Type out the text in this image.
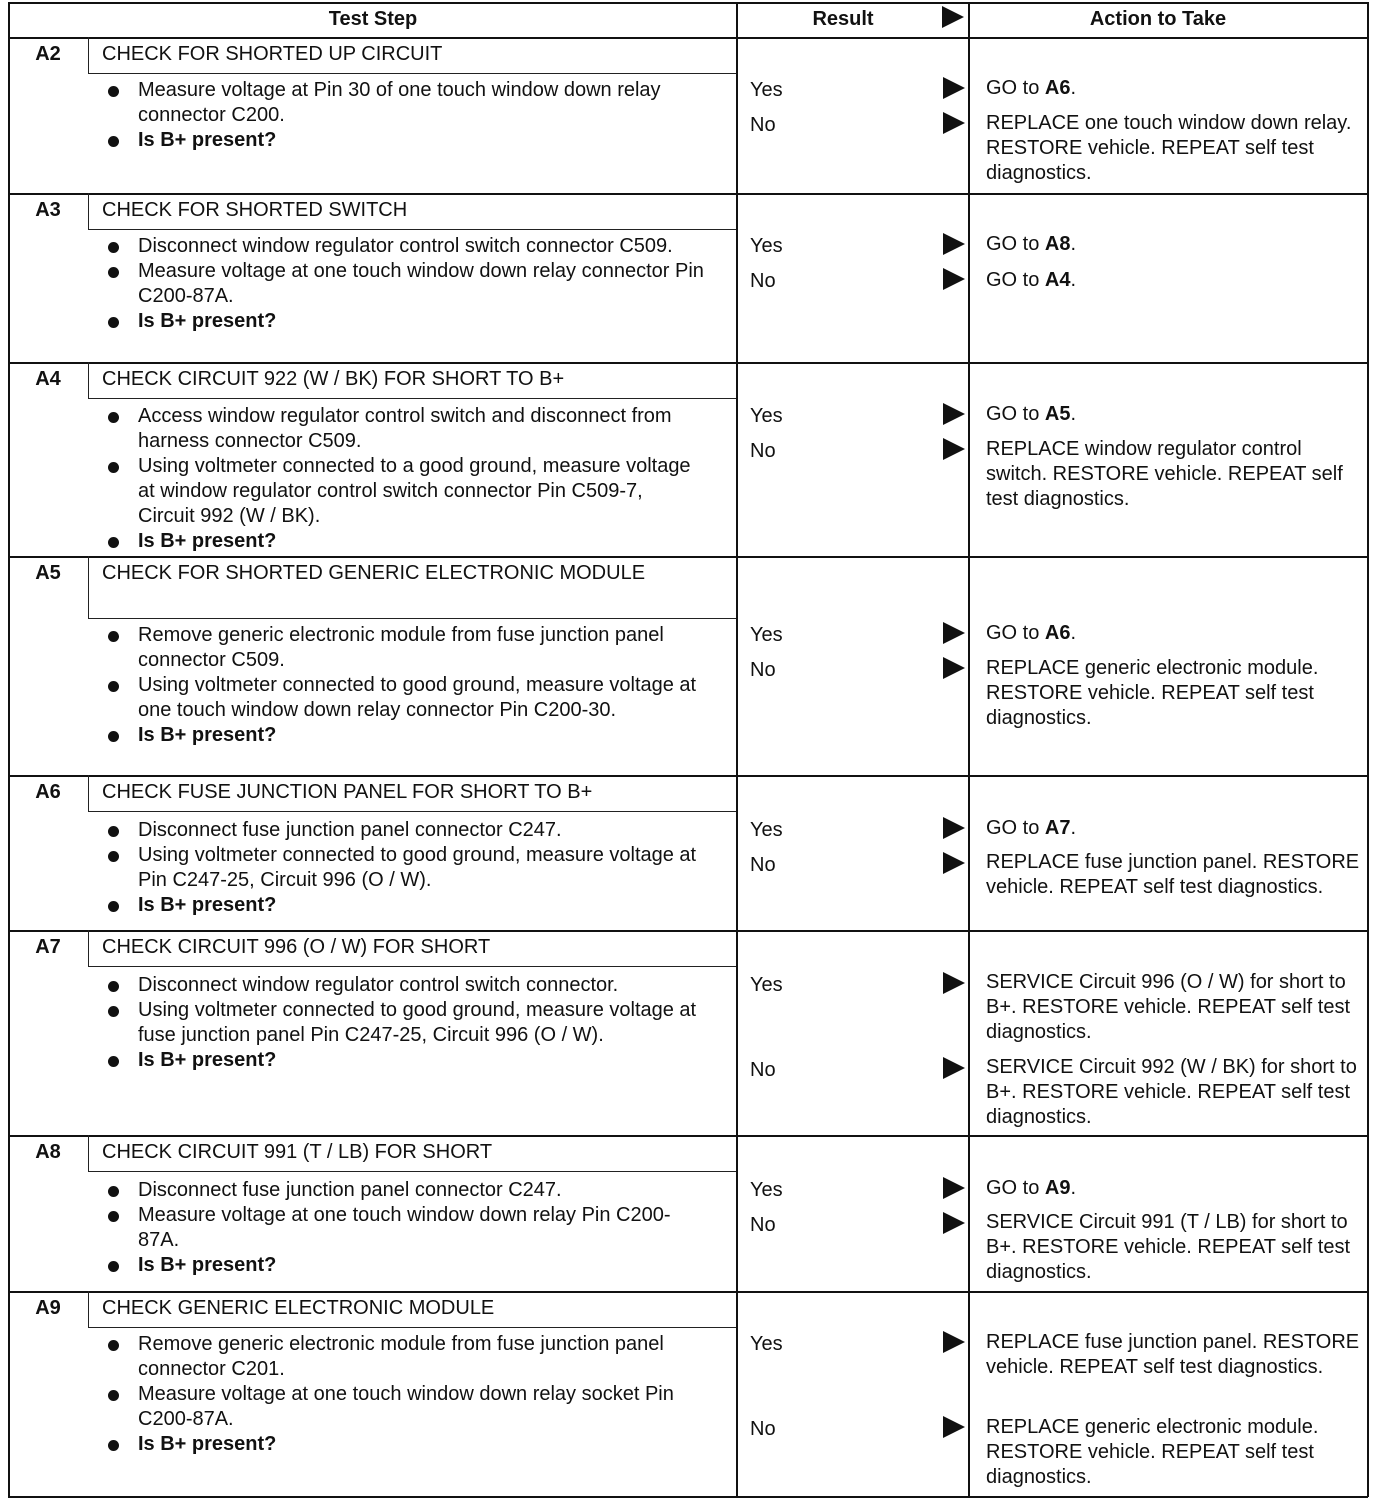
Test Step	Result	Action to Take
A2	CHECK FOR SHORTED UP CIRCUIT
Measure voltage at Pin 30 of one touch window down relay connector C200.
Is B+ present?
Yes	GO to A6.
No	REPLACE one touch window down relay. RESTORE vehicle. REPEAT self test diagnostics.
A3	CHECK FOR SHORTED SWITCH
Disconnect window regulator control switch connector C509.
Measure voltage at one touch window down relay connector Pin C200-87A.
Is B+ present?
Yes	GO to A8.
No	GO to A4.
A4	CHECK CIRCUIT 922 (W / BK) FOR SHORT TO B+
Access window regulator control switch and disconnect from harness connector C509.
Using voltmeter connected to a good ground, measure voltage at window regulator control switch connector Pin C509-7, Circuit 992 (W / BK).
Is B+ present?
Yes	GO to A5.
No	REPLACE window regulator control switch. RESTORE vehicle. REPEAT self test diagnostics.
A5	CHECK FOR SHORTED GENERIC ELECTRONIC MODULE
Remove generic electronic module from fuse junction panel connector C509.
Using voltmeter connected to good ground, measure voltage at one touch window down relay connector Pin C200-30.
Is B+ present?
Yes	GO to A6.
No	REPLACE generic electronic module. RESTORE vehicle. REPEAT self test diagnostics.
A6	CHECK FUSE JUNCTION PANEL FOR SHORT TO B+
Disconnect fuse junction panel connector C247.
Using voltmeter connected to good ground, measure voltage at Pin C247-25, Circuit 996 (O / W).
Is B+ present?
Yes	GO to A7.
No	REPLACE fuse junction panel. RESTORE vehicle. REPEAT self test diagnostics.
A7	CHECK CIRCUIT 996 (O / W) FOR SHORT
Disconnect window regulator control switch connector.
Using voltmeter connected to good ground, measure voltage at fuse junction panel Pin C247-25, Circuit 996 (O / W).
Is B+ present?
Yes	SERVICE Circuit 996 (O / W) for short to B+. RESTORE vehicle. REPEAT self test diagnostics.
No	SERVICE Circuit 992 (W / BK) for short to B+. RESTORE vehicle. REPEAT self test diagnostics.
A8	CHECK CIRCUIT 991 (T / LB) FOR SHORT
Disconnect fuse junction panel connector C247.
Measure voltage at one touch window down relay Pin C200-87A.
Is B+ present?
Yes	GO to A9.
No	SERVICE Circuit 991 (T / LB) for short to B+. RESTORE vehicle. REPEAT self test diagnostics.
A9	CHECK GENERIC ELECTRONIC MODULE
Remove generic electronic module from fuse junction panel connector C201.
Measure voltage at one touch window down relay socket Pin C200-87A.
Is B+ present?
Yes	REPLACE fuse junction panel. RESTORE vehicle. REPEAT self test diagnostics.
No	REPLACE generic electronic module. RESTORE vehicle. REPEAT self test diagnostics.
